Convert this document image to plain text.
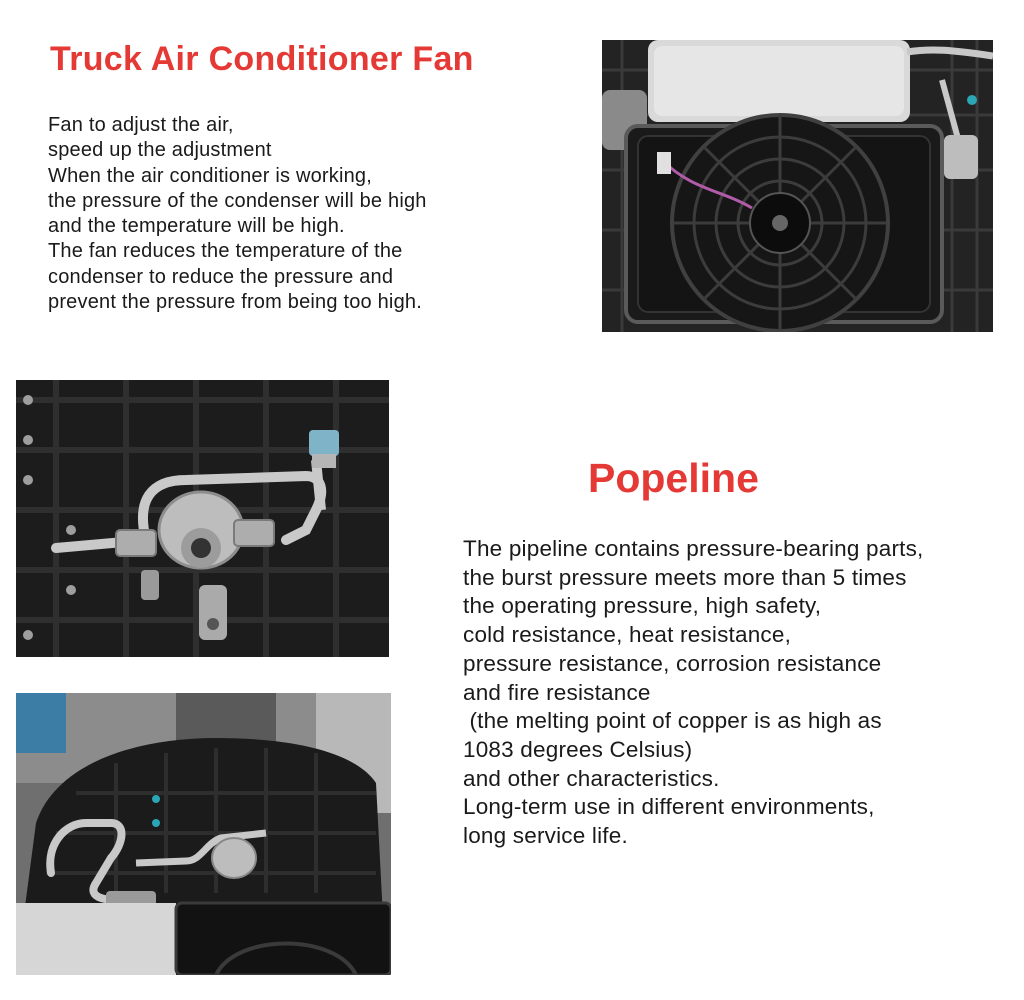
Truck Air Conditioner Fan
Fan to adjust the air,
speed up the adjustment
When the air conditioner is working,
the pressure of the condenser will be high
and the temperature will be high.
The fan reduces the temperature of the
condenser to reduce the pressure and
prevent the pressure from being too high.
Popeline
The pipeline contains pressure-bearing parts,
the burst pressure meets more than 5 times
the operating pressure, high safety,
cold resistance, heat resistance,
pressure resistance, corrosion resistance
and fire resistance
(the melting point of copper is as high as
1083 degrees Celsius)
and other characteristics.
Long-term use in different environments,
long service life.
